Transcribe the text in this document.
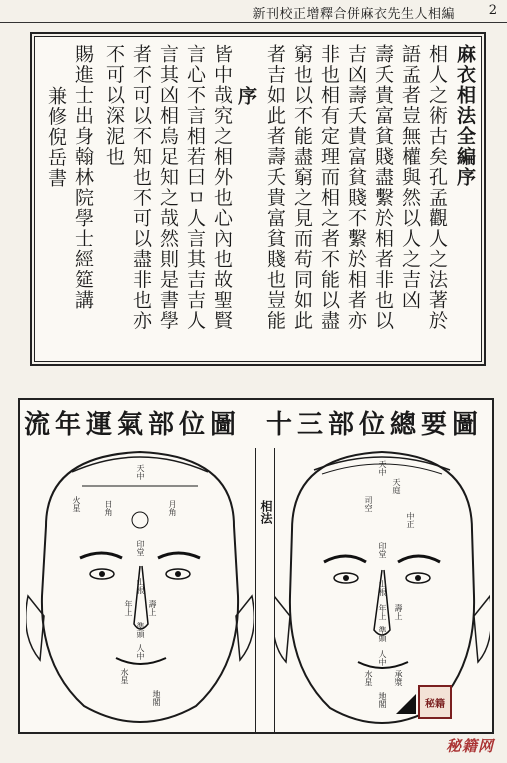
新刊校正增釋合併麻衣先生人相編	2
麻衣相法全編序
相人之術古矣孔孟觀人之法著於
語孟者豈無權與然以人之吉凶
壽夭貴富貧賤盡繫於相者非也以
吉凶壽夭貴富貧賤不繫於相者亦
非也相有定理而相之者不能以盡
窮也以不能盡窮之見而苟同如此
者吉如此者壽夭貴富貧賤也豈能
序
皆中哉究之相外也心內也故聖賢
言心不言相若曰ㅁ人言其吉吉人
言其凶相烏足知之哉然則是書學
者不可以不知也不可以盡非也亦
不可以深泥也
賜進士出身翰林院學士經筵講
兼修倪岳書
流年運氣部位圖 十三部位總要圖
相法
火星
天中
日角	月角
印堂
山根
年上 壽上
準頭
人中
水星
地閣
天中
天庭
司空
中正
印堂
山根
年上 壽上
準頭
人中
水星	承漿
地閣	秘籍
秘籍网
